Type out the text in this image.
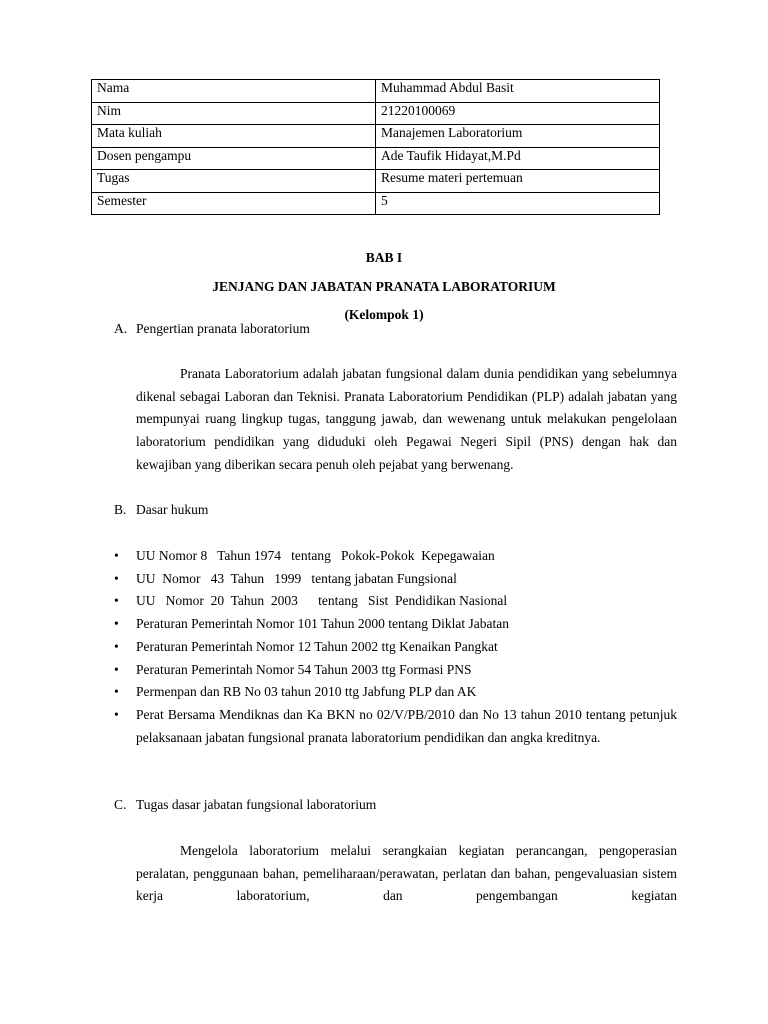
Nama	Muhammad Abdul Basit
Nim	21220100069
Mata kuliah	Manajemen Laboratorium
Dosen pengampu	Ade Taufik Hidayat,M.Pd
Tugas	Resume materi pertemuan
Semester	5
BAB I
JENJANG DAN JABATAN PRANATA LABORATORIUM
(Kelompok 1)
A. Pengertian pranata laboratorium
Pranata Laboratorium adalah jabatan fungsional dalam dunia pendidikan yang sebelumnya dikenal sebagai Laboran dan Teknisi. Pranata Laboratorium Pendidikan (PLP) adalah jabatan yang mempunyai ruang lingkup tugas, tanggung jawab, dan wewenang untuk melakukan pengelolaan laboratorium pendidikan yang diduduki oleh Pegawai Negeri Sipil (PNS) dengan hak dan kewajiban yang diberikan secara penuh oleh pejabat yang berwenang.
B. Dasar hukum
• UU Nomor 8   Tahun 1974   tentang   Pokok-Pokok  Kepegawaian
• UU  Nomor   43  Tahun   1999   tentang jabatan Fungsional
• UU   Nomor  20  Tahun  2003      tentang   Sist  Pendidikan Nasional
• Peraturan Pemerintah Nomor 101 Tahun 2000 tentang Diklat Jabatan
• Peraturan Pemerintah Nomor 12 Tahun 2002 ttg Kenaikan Pangkat
• Peraturan Pemerintah Nomor 54 Tahun 2003 ttg Formasi PNS
• Permenpan dan RB No 03 tahun 2010 ttg Jabfung PLP dan AK
• Perat Bersama Mendiknas dan Ka BKN no 02/V/PB/2010 dan No 13 tahun 2010 tentang petunjuk pelaksanaan jabatan fungsional pranata laboratorium pendidikan dan angka kreditnya.
C. Tugas dasar jabatan fungsional laboratorium
Mengelola laboratorium melalui serangkaian kegiatan perancangan, pengoperasian peralatan, penggunaan bahan, pemeliharaan/perawatan, perlatan dan bahan, pengevaluasian sistem kerja laboratorium, dan pengembangan kegiatan
